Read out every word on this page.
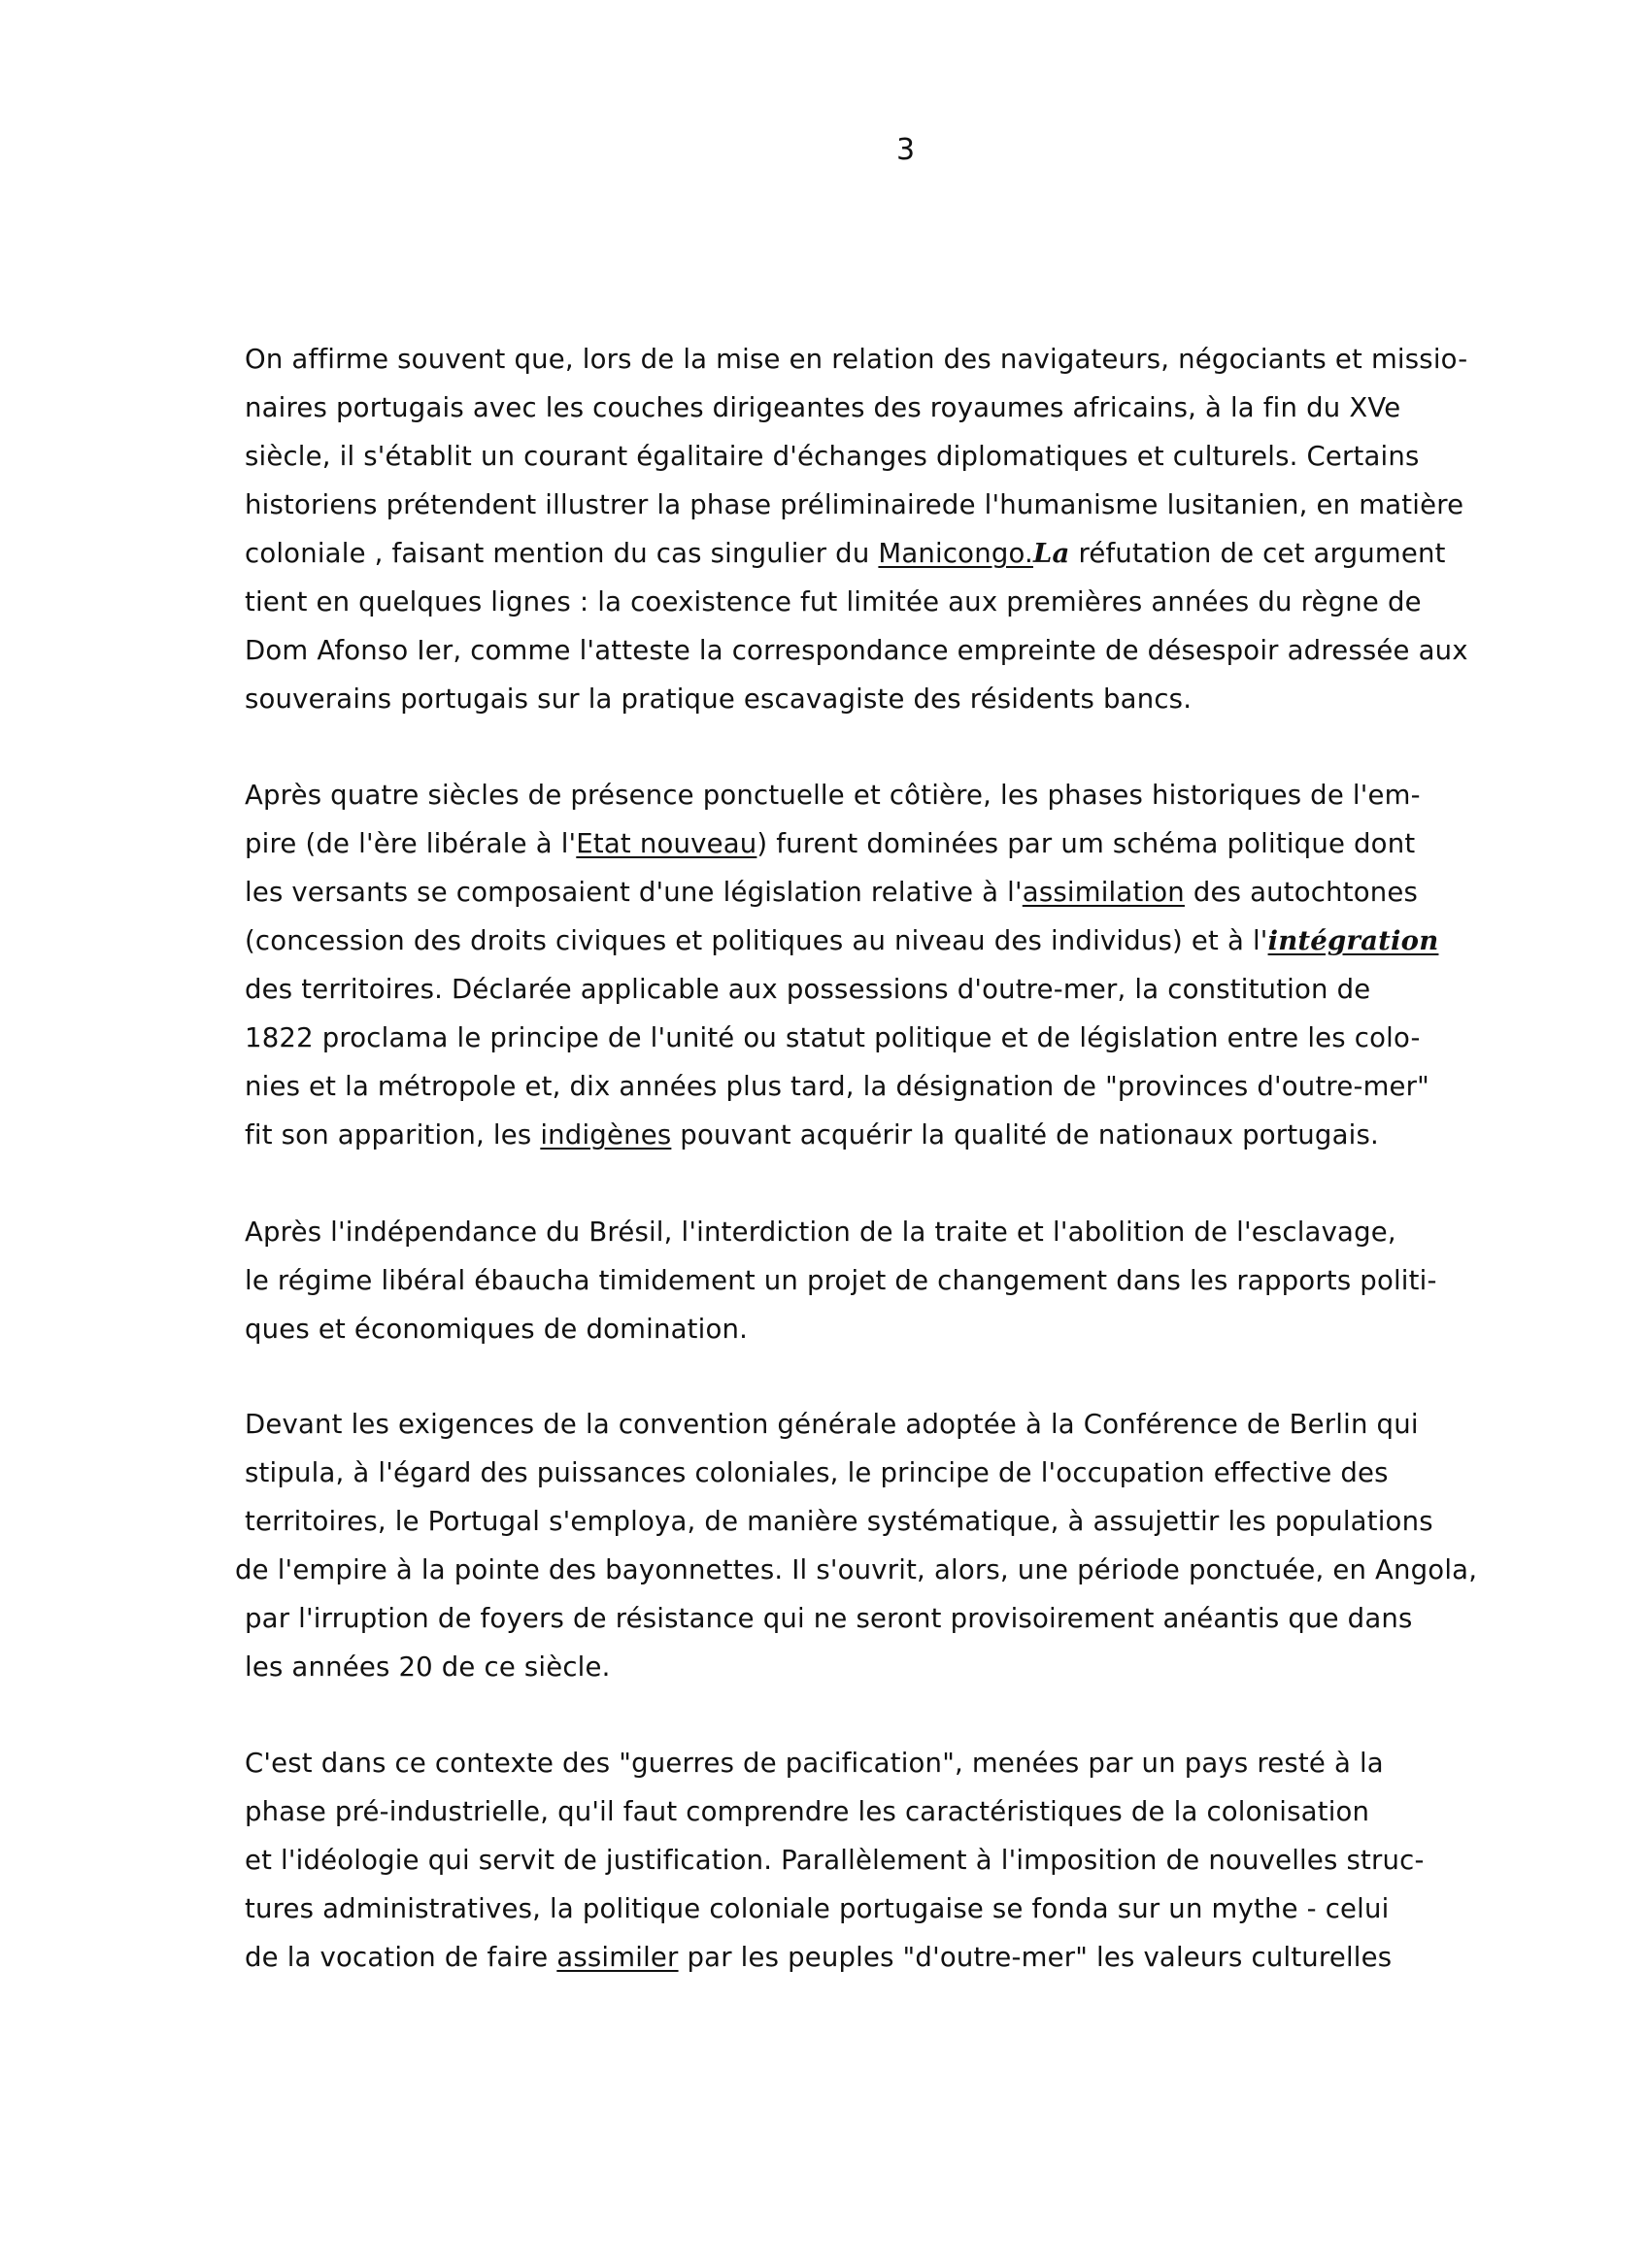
3
On affirme souvent que, lors de la mise en relation des navigateurs, négociants et missio-
naires portugais avec les couches dirigeantes des royaumes africains, à la fin du XVe
siècle, il s'établit un courant égalitaire d'échanges diplomatiques et culturels. Certains
historiens prétendent illustrer la phase préliminairede l'humanisme lusitanien, en matière
coloniale , faisant mention du cas singulier du Manicongo.La réfutation de cet argument
tient en quelques lignes : la coexistence fut limitée aux premières années du règne de
Dom Afonso Ier, comme l'atteste la correspondance empreinte de désespoir adressée aux
souverains portugais sur la pratique escavagiste des résidents bancs.
Après quatre siècles de présence ponctuelle et côtière, les phases historiques de l'em-
pire (de l'ère libérale à l'Etat nouveau) furent dominées par um schéma politique dont
les versants se composaient d'une législation relative à l'assimilation des autochtones
(concession des droits civiques et politiques au niveau des individus) et à l'intégration
des territoires. Déclarée applicable aux possessions d'outre-mer, la constitution de
1822 proclama le principe de l'unité ou statut politique et de législation entre les colo-
nies et la métropole et, dix années plus tard, la désignation de "provinces d'outre-mer"
fit son apparition, les indigènes pouvant acquérir la qualité de nationaux portugais.
Après l'indépendance du Brésil, l'interdiction de la traite et l'abolition de l'esclavage,
le régime libéral ébaucha timidement un projet de changement dans les rapports politi-
ques et économiques de domination.
Devant les exigences de la convention générale adoptée à la Conférence de Berlin qui
stipula, à l'égard des puissances coloniales, le principe de l'occupation effective des
territoires, le Portugal s'employa, de manière systématique, à assujettir les populations
de l'empire à la pointe des bayonnettes. Il s'ouvrit, alors, une période ponctuée, en Angola,
par l'irruption de foyers de résistance qui ne seront provisoirement anéantis que dans
les années 20 de ce siècle.
C'est dans ce contexte des "guerres de pacification", menées par un pays resté à la
phase pré-industrielle, qu'il faut comprendre les caractéristiques de la colonisation
et l'idéologie qui servit de justification. Parallèlement à l'imposition de nouvelles struc-
tures administratives, la politique coloniale portugaise se fonda sur un mythe - celui
de la vocation de faire assimiler par les peuples "d'outre-mer" les valeurs culturelles
